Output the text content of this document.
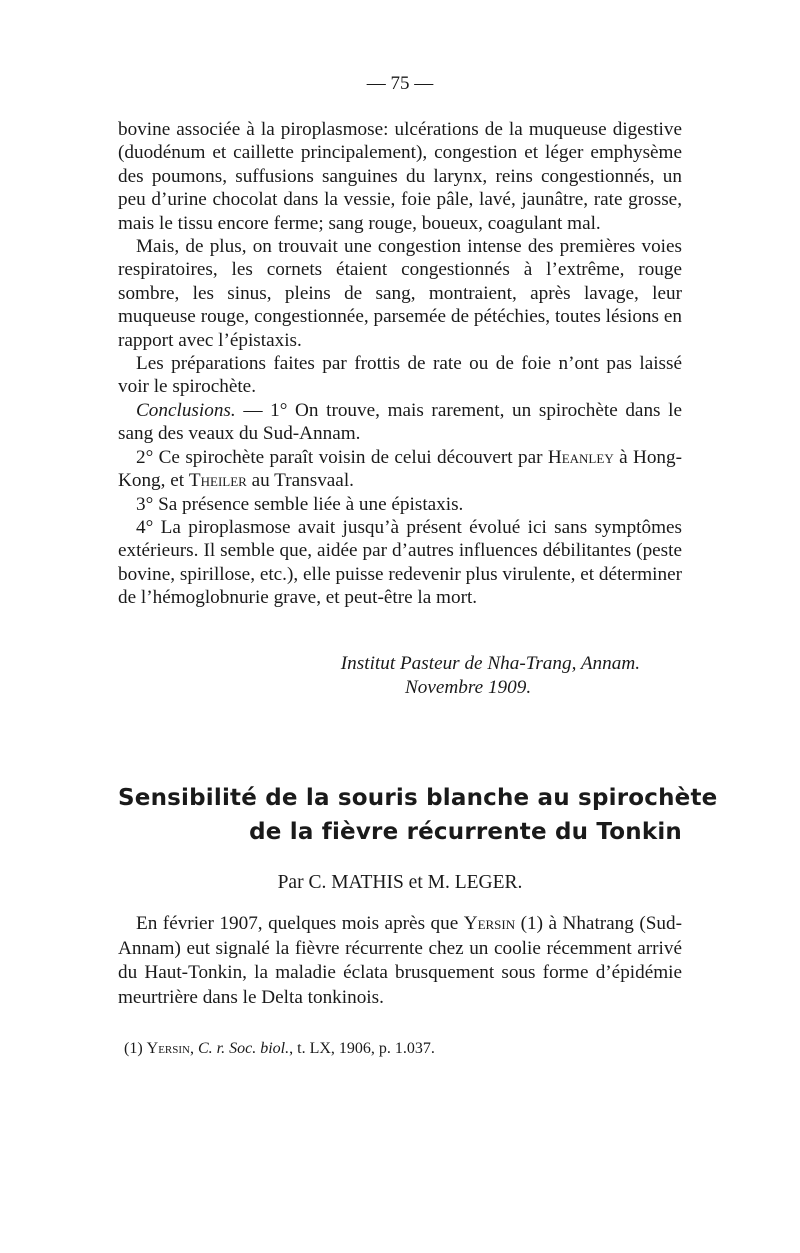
— 75 —

bovine associée à la piroplasmose: ulcérations de la muqueuse digestive (duodénum et caillette principalement), congestion et léger emphysème des poumons, suffusions sanguines du larynx, reins congestionnés, un peu d’urine chocolat dans la vessie, foie pâle, lavé, jaunâtre, rate grosse, mais le tissu encore ferme; sang rouge, boueux, coagulant mal.

Mais, de plus, on trouvait une congestion intense des premières voies respiratoires, les cornets étaient congestionnés à l’extrême, rouge sombre, les sinus, pleins de sang, montraient, après lavage, leur muqueuse rouge, congestionnée, parsemée de pétéchies, toutes lésions en rapport avec l’épistaxis.

Les préparations faites par frottis de rate ou de foie n’ont pas laissé voir le spirochète.

Conclusions. — 1° On trouve, mais rarement, un spirochète dans le sang des veaux du Sud-Annam.

2° Ce spirochète paraît voisin de celui découvert par Heanley à Hong-Kong, et Theiler au Transvaal.

3° Sa présence semble liée à une épistaxis.

4° La piroplasmose avait jusqu’à présent évolué ici sans symptômes extérieurs. Il semble que, aidée par d’autres influences débilitantes (peste bovine, spirillose, etc.), elle puisse redevenir plus virulente, et déterminer de l’hémoglobnurie grave, et peut-être la mort.

Institut Pasteur de Nha-Trang, Annam.
Novembre 1909.
Sensibilité de la souris blanche au spirochète
de la fièvre récurrente du Tonkin
Par C. MATHIS et M. LEGER.

En février 1907, quelques mois après que Yersin (1) à Nhatrang (Sud-Annam) eut signalé la fièvre récurrente chez un coolie récemment arrivé du Haut-Tonkin, la maladie éclata brusquement sous forme d’épidémie meurtrière dans le Delta tonkinois.

(1) Yersin, C. r. Soc. biol., t. LX, 1906, p. 1.037.
